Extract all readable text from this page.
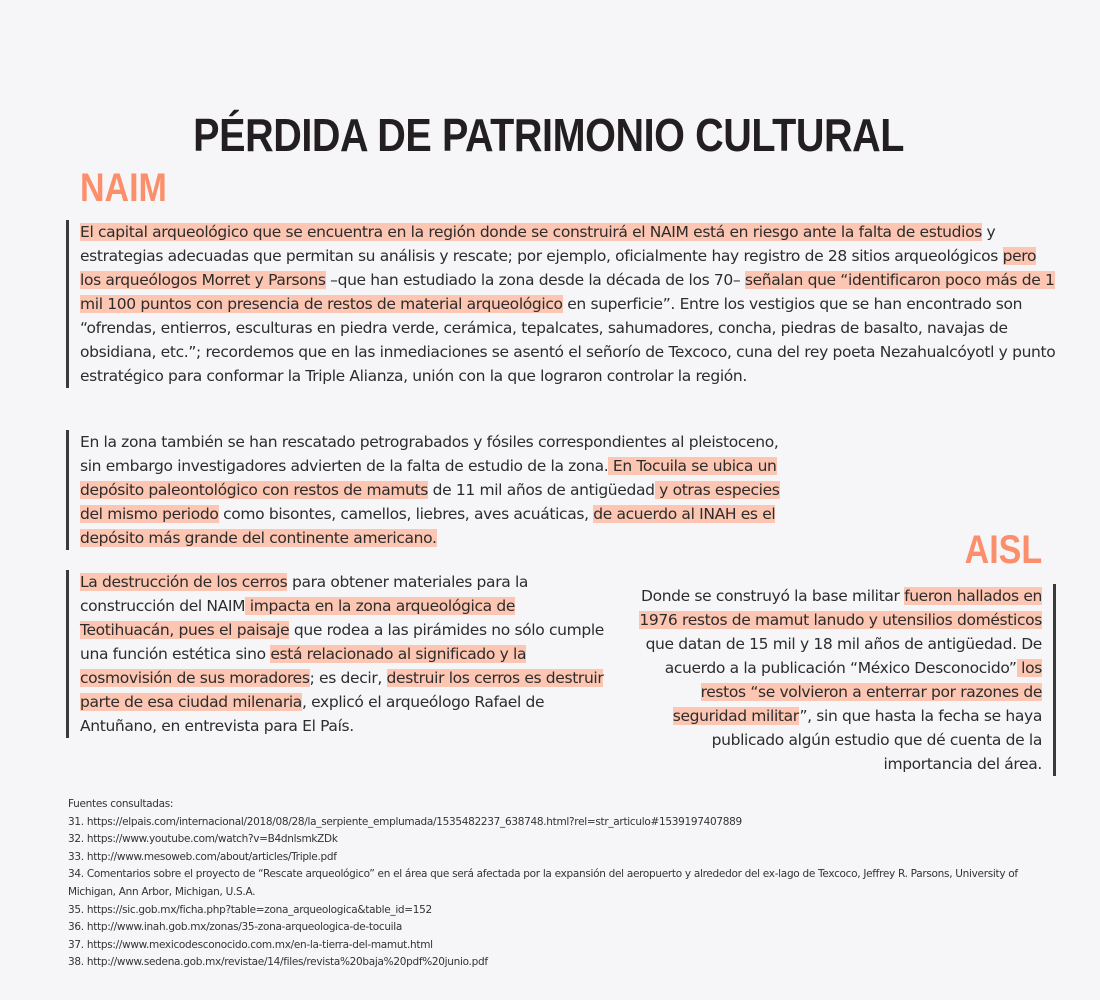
PÉRDIDA DE PATRIMONIO CULTURAL
NAIM
El capital arqueológico que se encuentra en la región donde se construirá el NAIM está en riesgo ante la falta de estudios y estrategias adecuadas que permitan su análisis y rescate; por ejemplo, oficialmente hay registro de 28 sitios arqueológicos pero los arqueólogos Morret y Parsons –que han estudiado la zona desde la década de los 70– señalan que “identificaron poco más de 1 mil 100 puntos con presencia de restos de material arqueológico en superficie”. Entre los vestigios que se han encontrado son “ofrendas, entierros, esculturas en piedra verde, cerámica, tepalcates, sahumadores, concha, piedras de basalto, navajas de obsidiana, etc.”; recordemos que en las inmediaciones se asentó el señorío de Texcoco, cuna del rey poeta Nezahualcóyotl y punto estratégico para conformar la Triple Alianza, unión con la que lograron controlar la región.
En la zona también se han rescatado petrograbados y fósiles correspondientes al pleistoceno, sin embargo investigadores advierten de la falta de estudio de la zona. En Tocuila se ubica un depósito paleontológico con restos de mamuts de 11 mil años de antigüedad y otras especies del mismo periodo como bisontes, camellos, liebres, aves acuáticas, de acuerdo al INAH es el depósito más grande del continente americano.
La destrucción de los cerros para obtener materiales para la construcción del NAIM impacta en la zona arqueológica de Teotihuacán, pues el paisaje que rodea a las pirámides no sólo cumple una función estética sino está relacionado al significado y la cosmovisión de sus moradores; es decir, destruir los cerros es destruir parte de esa ciudad milenaria, explicó el arqueólogo Rafael de Antuñano, en entrevista para El País.
AISL
Donde se construyó la base militar fueron hallados en 1976 restos de mamut lanudo y utensilios domésticos que datan de 15 mil y 18 mil años de antigüedad. De acuerdo a la publicación “México Desconocido” los restos “se volvieron a enterrar por razones de seguridad militar”, sin que hasta la fecha se haya publicado algún estudio que dé cuenta de la importancia del área.
Fuentes consultadas:
31. https://elpais.com/internacional/2018/08/28/la_serpiente_emplumada/1535482237_638748.html?rel=str_articulo#1539197407889
32. https://www.youtube.com/watch?v=B4dnlsmkZDk
33. http://www.mesoweb.com/about/articles/Triple.pdf
34. Comentarios sobre el proyecto de “Rescate arqueológico” en el área que será afectada por la expansión del aeropuerto y alrededor del ex-lago de Texcoco, Jeffrey R. Parsons, University of Michigan, Ann Arbor, Michigan, U.S.A.
35. https://sic.gob.mx/ficha.php?table=zona_arqueologica&table_id=152
36. http://www.inah.gob.mx/zonas/35-zona-arqueologica-de-tocuila
37. https://www.mexicodesconocido.com.mx/en-la-tierra-del-mamut.html
38. http://www.sedena.gob.mx/revistae/14/files/revista%20baja%20pdf%20junio.pdf
